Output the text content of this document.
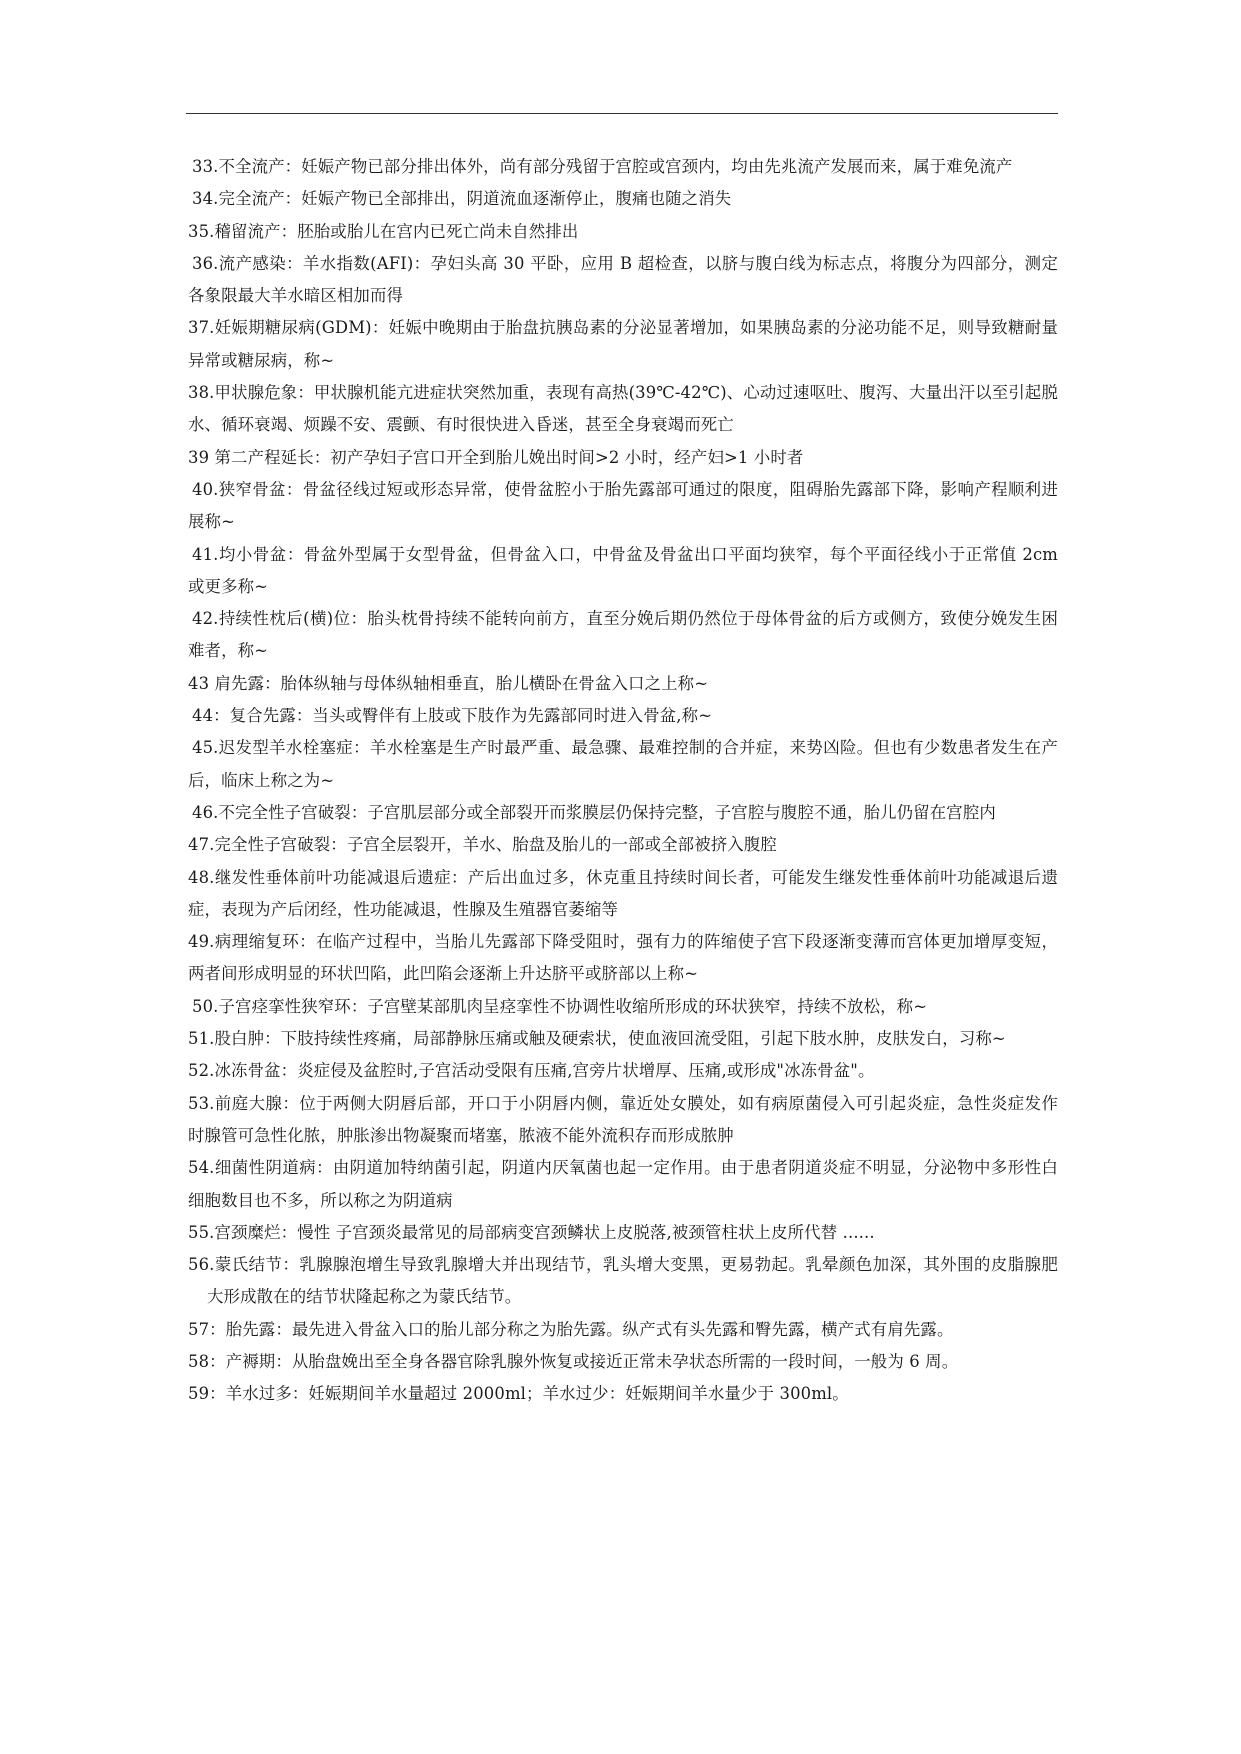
33.不全流产：妊娠产物已部分排出体外，尚有部分残留于宫腔或宫颈内，均由先兆流产发展而来，属于难免流产

34.完全流产：妊娠产物已全部排出，阴道流血逐渐停止，腹痛也随之消失

35.稽留流产：胚胎或胎儿在宫内已死亡尚未自然排出

36.流产感染：羊水指数(AFI)：孕妇头高 30 平卧，应用 B 超检查，以脐与腹白线为标志点，将腹分为四部分，测定各象限最大羊水暗区相加而得

37.妊娠期糖尿病(GDM)：妊娠中晚期由于胎盘抗胰岛素的分泌显著增加，如果胰岛素的分泌功能不足，则导致糖耐量异常或糖尿病，称~

38.甲状腺危象：甲状腺机能亢进症状突然加重，表现有高热(39℃-42℃)、心动过速呕吐、腹泻、大量出汗以至引起脱水、循环衰竭、烦躁不安、震颤、有时很快进入昏迷，甚至全身衰竭而死亡

39 第二产程延长：初产孕妇子宫口开全到胎儿娩出时间>2 小时，经产妇>1 小时者

40.狭窄骨盆：骨盆径线过短或形态异常，使骨盆腔小于胎先露部可通过的限度，阻碍胎先露部下降，影响产程顺利进展称~

41.均小骨盆：骨盆外型属于女型骨盆，但骨盆入口，中骨盆及骨盆出口平面均狭窄，每个平面径线小于正常值 2cm 或更多称~

42.持续性枕后(横)位：胎头枕骨持续不能转向前方，直至分娩后期仍然位于母体骨盆的后方或侧方，致使分娩发生困难者，称~

43 肩先露：胎体纵轴与母体纵轴相垂直，胎儿横卧在骨盆入口之上称~

44：复合先露：当头或臀伴有上肢或下肢作为先露部同时进入骨盆,称~

45.迟发型羊水栓塞症：羊水栓塞是生产时最严重、最急骤、最难控制的合并症，来势凶险。但也有少数患者发生在产后，临床上称之为~

46.不完全性子宫破裂：子宫肌层部分或全部裂开而浆膜层仍保持完整，子宫腔与腹腔不通，胎儿仍留在宫腔内

47.完全性子宫破裂：子宫全层裂开，羊水、胎盘及胎儿的一部或全部被挤入腹腔

48.继发性垂体前叶功能减退后遗症：产后出血过多，休克重且持续时间长者，可能发生继发性垂体前叶功能减退后遗症，表现为产后闭经，性功能减退，性腺及生殖器官萎缩等

49.病理缩复环：在临产过程中，当胎儿先露部下降受阻时，强有力的阵缩使子宫下段逐渐变薄而宫体更加增厚变短，两者间形成明显的环状凹陷，此凹陷会逐渐上升达脐平或脐部以上称~

50.子宫痉挛性狭窄环：子宫壁某部肌肉呈痉挛性不协调性收缩所形成的环状狭窄，持续不放松，称~

51.股白肿：下肢持续性疼痛，局部静脉压痛或触及硬索状，使血液回流受阻，引起下肢水肿，皮肤发白，习称~

52.冰冻骨盆：炎症侵及盆腔时,子宫活动受限有压痛,宫旁片状增厚、压痛,或形成"冰冻骨盆"。

53.前庭大腺：位于两侧大阴唇后部，开口于小阴唇内侧，靠近处女膜处，如有病原菌侵入可引起炎症，急性炎症发作时腺管可急性化脓，肿胀渗出物凝聚而堵塞，脓液不能外流积存而形成脓肿

54.细菌性阴道病：由阴道加特纳菌引起，阴道内厌氧菌也起一定作用。由于患者阴道炎症不明显，分泌物中多形性白细胞数目也不多，所以称之为阴道病

55.宫颈糜烂：慢性 子宫颈炎最常见的局部病变宫颈鳞状上皮脱落,被颈管柱状上皮所代替 ......

56.蒙氏结节：乳腺腺泡增生导致乳腺增大并出现结节，乳头增大变黑，更易勃起。乳晕颜色加深，其外围的皮脂腺肥大形成散在的结节状隆起称之为蒙氏结节。

57：胎先露：最先进入骨盆入口的胎儿部分称之为胎先露。纵产式有头先露和臀先露，横产式有肩先露。

58：产褥期：从胎盘娩出至全身各器官除乳腺外恢复或接近正常未孕状态所需的一段时间，一般为 6 周。

59：羊水过多：妊娠期间羊水量超过 2000ml；羊水过少：妊娠期间羊水量少于 300ml。
